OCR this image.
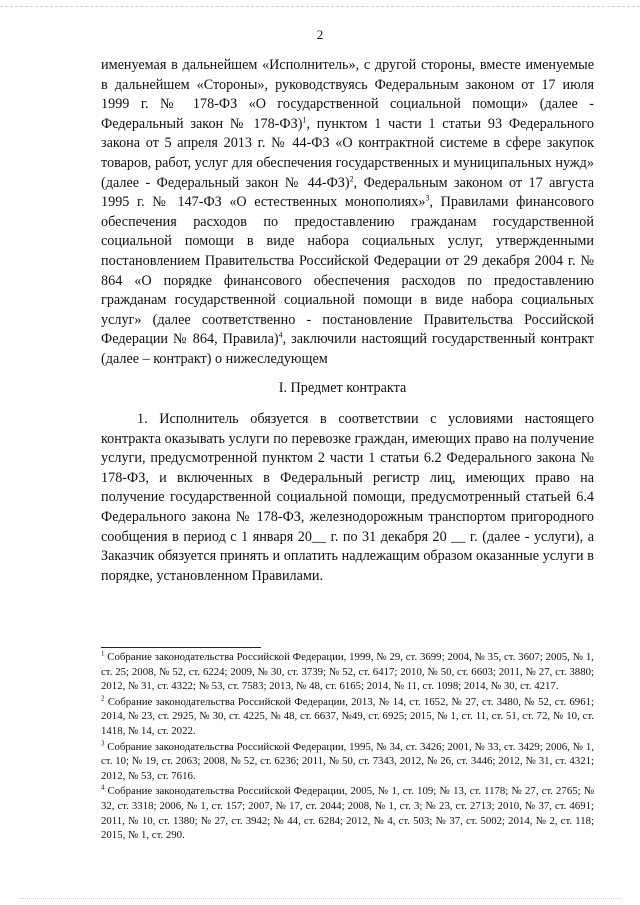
2

именуемая в дальнейшем «Исполнитель», с другой стороны, вместе именуемые в дальнейшем «Стороны», руководствуясь Федеральным законом от 17 июля 1999 г. № 178-ФЗ «О государственной социальной помощи» (далее - Федеральный закон № 178-ФЗ)$^1$, пунктом 1 части 1 статьи 93 Федерального закона от 5 апреля 2013 г. № 44-ФЗ «О контрактной системе в сфере закупок товаров, работ, услуг для обеспечения государственных и муниципальных нужд» (далее - Федеральный закон № 44-ФЗ)$^2$, Федеральным законом от 17 августа 1995 г. № 147-ФЗ «О естественных монополиях»$^3$, Правилами финансового обеспечения расходов по предоставлению гражданам государственной социальной помощи в виде набора социальных услуг, утвержденными постановлением Правительства Российской Федерации от 29 декабря 2004 г. № 864 «О порядке финансового обеспечения расходов по предоставлению гражданам государственной социальной помощи в виде набора социальных услуг» (далее соответственно - постановление Правительства Российской Федерации № 864, Правила)$^4$, заключили настоящий государственный контракт (далее – контракт) о нижеследующем

I. Предмет контракта

1. Исполнитель обязуется в соответствии с условиями настоящего контракта оказывать услуги по перевозке граждан, имеющих право на получение услуги, предусмотренной пунктом 2 части 1 статьи 6.2 Федерального закона № 178-ФЗ, и включенных в Федеральный регистр лиц, имеющих право на получение государственной социальной помощи, предусмотренный статьей 6.4 Федерального закона № 178-ФЗ, железнодорожным транспортом пригородного сообщения в период с 1 января 20__ г. по 31 декабря 20 __ г. (далее - услуги), а Заказчик обязуется принять и оплатить надлежащим образом оказанные услуги в порядке, установленном Правилами.

$^1$ Собрание законодательства Российской Федерации, 1999, № 29, ст. 3699; 2004, № 35, ст. 3607; 2005, № 1, ст. 25; 2008, № 52, ст. 6224; 2009, № 30, ст. 3739; № 52, ст. 6417; 2010, № 50, ст. 6603; 2011, № 27, ст. 3880; 2012, № 31, ст. 4322; № 53, ст. 7583; 2013, № 48, ст. 6165; 2014, № 11, ст. 1098; 2014, № 30, ст. 4217.

$^2$ Собрание законодательства Российской Федерации, 2013, № 14, ст. 1652, № 27, ст. 3480, № 52, ст. 6961; 2014, № 23, ст. 2925, № 30, ст. 4225, № 48, ст. 6637, №49, ст. 6925; 2015, № 1, ст. 11, ст. 51, ст. 72, № 10, ст. 1418, № 14, ст. 2022.

$^3$ Собрание законодательства Российской Федерации, 1995, № 34, ст. 3426; 2001, № 33, ст. 3429; 2006, № 1, ст. 10; № 19, ст. 2063; 2008, № 52, ст. 6236; 2011, № 50, ст. 7343, 2012, № 26, ст. 3446; 2012, № 31, ст. 4321; 2012, № 53, ст. 7616.

$^4$ Собрание законодательства Российской Федерации, 2005, № 1, ст. 109; № 13, ст. 1178; № 27, ст. 2765; № 32, ст. 3318; 2006, № 1, ст. 157; 2007, № 17, ст. 2044; 2008, № 1, ст. 3; № 23, ст. 2713; 2010, № 37, ст. 4691; 2011, № 10, ст. 1380; № 27, ст. 3942; № 44, ст. 6284; 2012, № 4, ст. 503; № 37, ст. 5002; 2014, № 2, ст. 118; 2015, № 1, ст. 290.
